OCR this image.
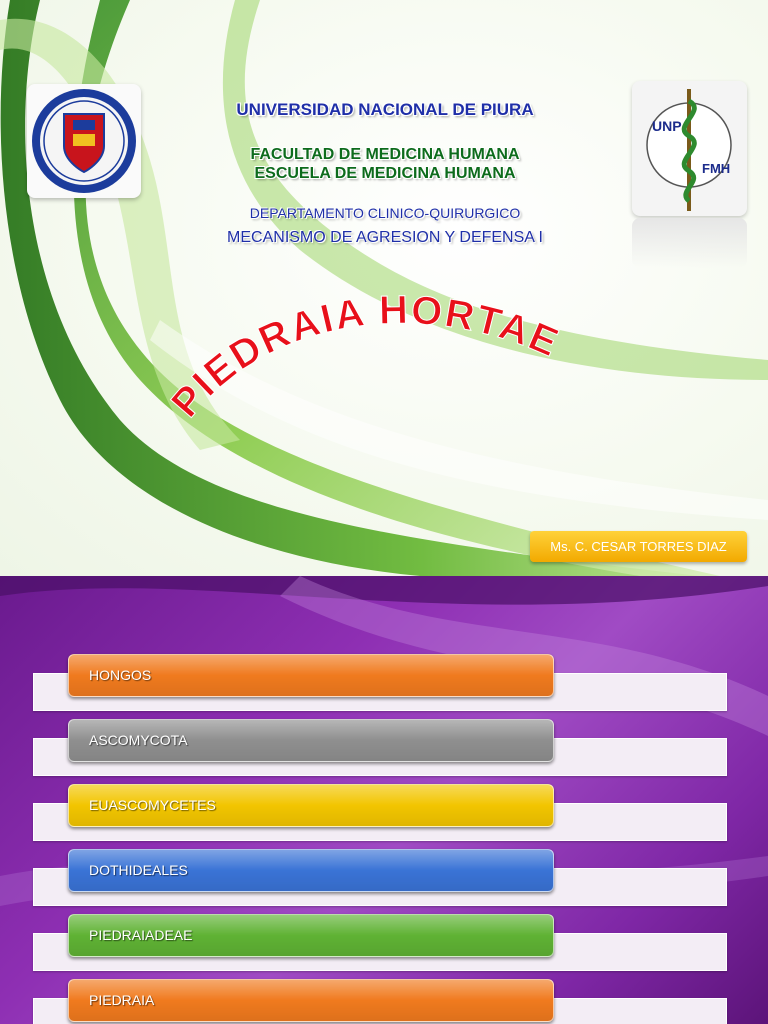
UNP
FMH
UNIVERSIDAD NACIONAL DE PIURA
FACULTAD DE MEDICINA HUMANA
ESCUELA DE MEDICINA HUMANA
DEPARTAMENTO CLINICO-QUIRURGICO
MECANISMO DE AGRESION Y DEFENSA I
PIEDRAIA HORTAE
Ms. C. CESAR TORRES DIAZ
HONGOS
ASCOMYCOTA
EUASCOMYCETES
DOTHIDEALES
PIEDRAIADEAE
PIEDRAIA
